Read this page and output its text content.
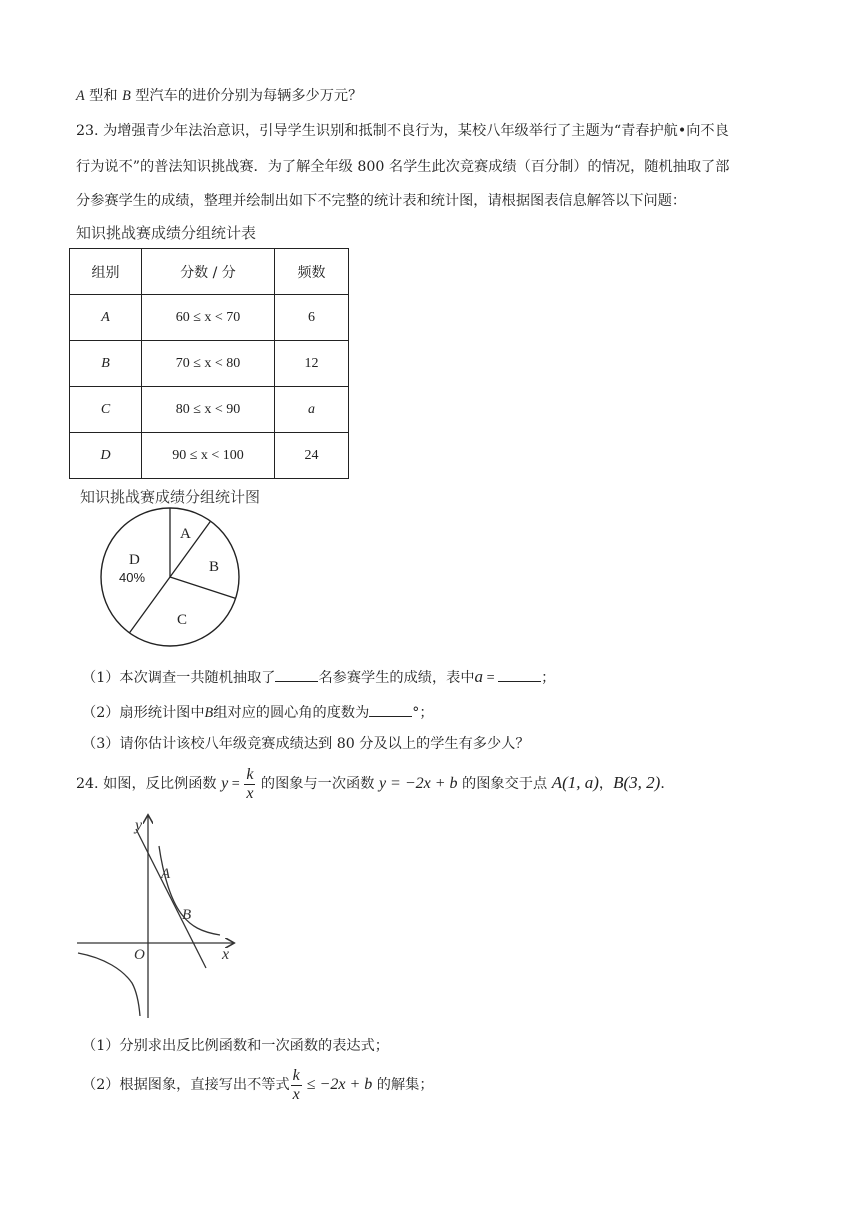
A 型和 B 型汽车的进价分别为每辆多少万元？
23. 为增强青少年法治意识，引导学生识别和抵制不良行为，某校八年级举行了主题为“青春护航•向不良
行为说不”的普法知识挑战赛．为了解全年级 800 名学生此次竞赛成绩（百分制）的情况，随机抽取了部
分参赛学生的成绩，整理并绘制出如下不完整的统计表和统计图，请根据图表信息解答以下问题：
知识挑战赛成绩分组统计表
组别	分数 / 分	频数
A	60 ≤ x < 70	6
B	70 ≤ x < 80	12
C	80 ≤ x < 90	a
D	90 ≤ x < 100	24
知识挑战赛成绩分组统计图
A
B
C
D
40%
（1）本次调查一共随机抽取了	名参赛学生的成绩，表中a =	；
（2）扇形统计图中B组对应的圆心角的度数为	°；
（3）请你估计该校八年级竞赛成绩达到 80 分及以上的学生有多少人？
24. 如图，反比例函数 $y = \frac{k}{x}$ 的图象与一次函数 y = −2x + b 的图象交于点 A(1, a)，B(3, 2)．
y
x
O
A
B
（1）分别求出反比例函数和一次函数的表达式；
（2）根据图象，直接写出不等式 $\frac{k}{x} \le -2x + b$ 的解集；
